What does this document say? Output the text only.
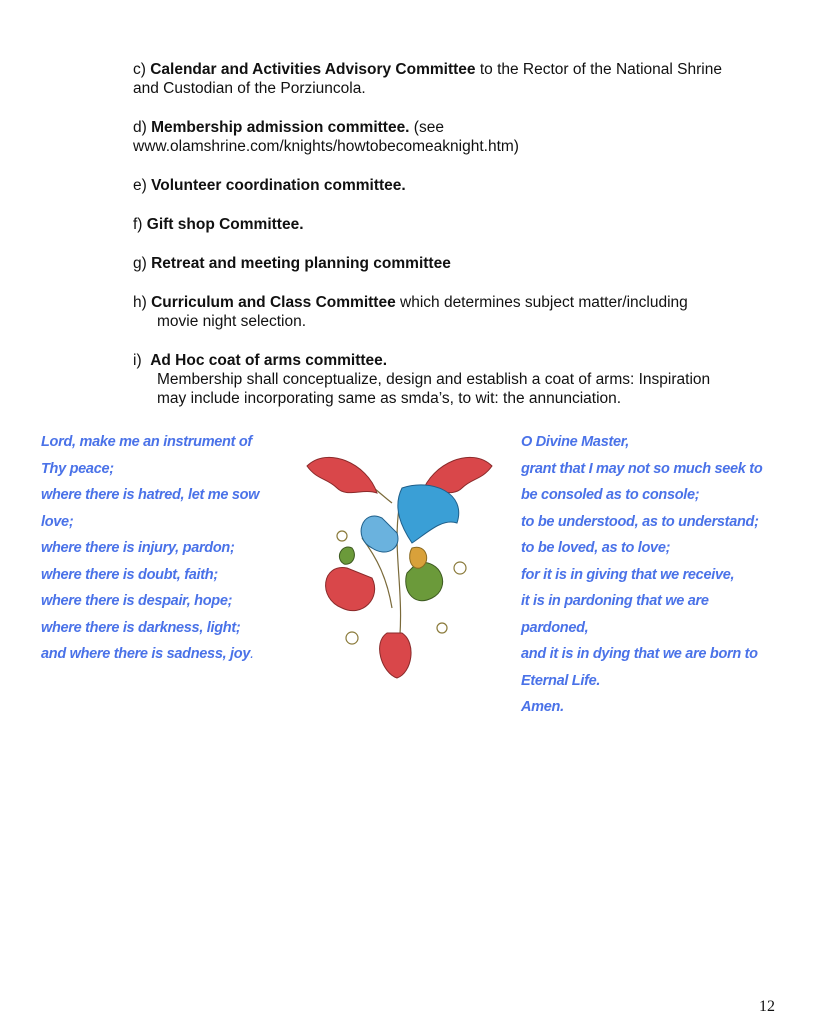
c) Calendar and Activities Advisory Committee to the Rector of the National Shrine

and Custodian of the Porziuncola.

d) Membership admission committee. (see

www.olamshrine.com/knights/howtobecomeaknight.htm)

e) Volunteer coordination committee.

f) Gift shop Committee.

g) Retreat and meeting planning committee

h) Curriculum and Class Committee which determines subject matter/including

movie night selection.

i)  Ad Hoc coat of arms committee.

Membership shall conceptualize, design and establish a coat of arms: Inspiration

may include incorporating same as smda’s, to wit: the annunciation.

Lord, make me an instrument of
Thy peace;
where there is hatred, let me sow
love;
where there is injury, pardon;
where there is doubt, faith;
where there is despair, hope;
where there is darkness, light;
and where there is sadness, joy.
O Divine Master,
grant that I may not so much seek to
be consoled as to console;
to be understood, as to understand;
to be loved, as to love;
for it is in giving that we receive,
it is in pardoning that we are
pardoned,
and it is in dying that we are born to
Eternal Life.
Amen.
12
